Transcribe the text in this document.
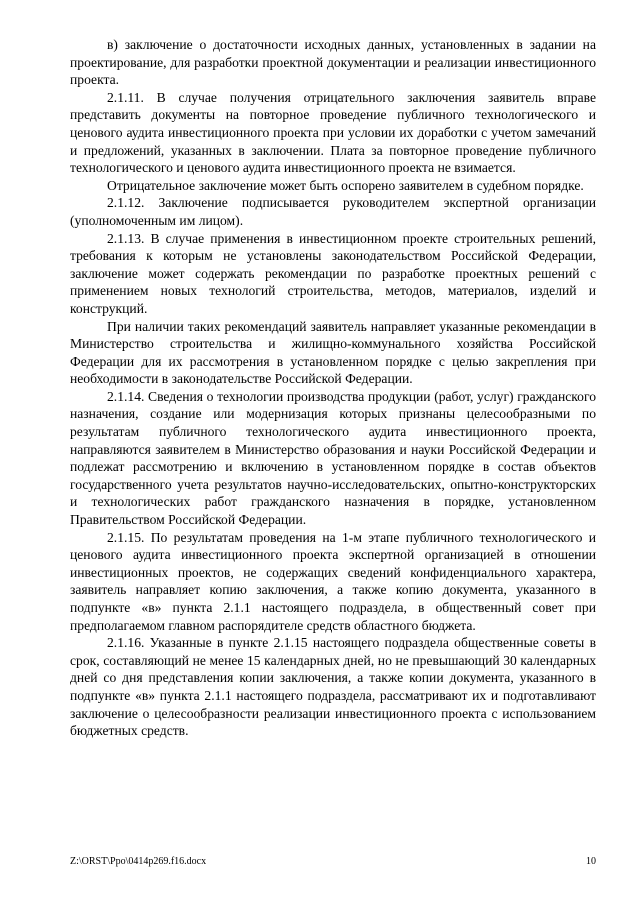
в) заключение о достаточности исходных данных, установленных в задании на проектирование, для разработки проектной документации и реализации инвестиционного проекта.

2.1.11. В случае получения отрицательного заключения заявитель вправе представить документы на повторное проведение публичного технологического и ценового аудита инвестиционного проекта при условии их доработки с учетом замечаний и предложений, указанных в заключении. Плата за повторное проведение публичного технологического и ценового аудита инвестиционного проекта не взимается.

Отрицательное заключение может быть оспорено заявителем в судебном порядке.

2.1.12. Заключение подписывается руководителем экспертной организации (уполномоченным им лицом).

2.1.13. В случае применения в инвестиционном проекте строительных решений, требования к которым не установлены законодательством Российской Федерации, заключение может содержать рекомендации по разработке проектных решений с применением новых технологий строительства, методов, материалов, изделий и конструкций.

При наличии таких рекомендаций заявитель направляет указанные рекомендации в Министерство строительства и жилищно-коммунального хозяйства Российской Федерации для их рассмотрения в установленном порядке с целью закрепления при необходимости в законодательстве Российской Федерации.

2.1.14. Сведения о технологии производства продукции (работ, услуг) гражданского назначения, создание или модернизация которых признаны целесообразными по результатам публичного технологического аудита инвестиционного проекта, направляются заявителем в Министерство образования и науки Российской Федерации и подлежат рассмотрению и включению в установленном порядке в состав объектов государственного учета результатов научно-исследовательских, опытно-конструкторских и технологических работ гражданского назначения в порядке, установленном Правительством Российской Федерации.

2.1.15. По результатам проведения на 1-м этапе публичного технологического и ценового аудита инвестиционного проекта экспертной организацией в отношении инвестиционных проектов, не содержащих сведений конфиденциального характера, заявитель направляет копию заключения, а также копию документа, указанного в подпункте «в» пункта 2.1.1 настоящего подраздела, в общественный совет при предполагаемом главном распорядителе средств областного бюджета.

2.1.16. Указанные в пункте 2.1.15 настоящего подраздела общественные советы в срок, составляющий не менее 15 календарных дней, но не превышающий 30 календарных дней со дня представления копии заключения, а также копии документа, указанного в подпункте «в» пункта 2.1.1 настоящего подраздела, рассматривают их и подготавливают заключение о целесообразности реализации инвестиционного проекта с использованием бюджетных средств.

Z:\ORST\Ppo\0414p269.f16.docx	10
